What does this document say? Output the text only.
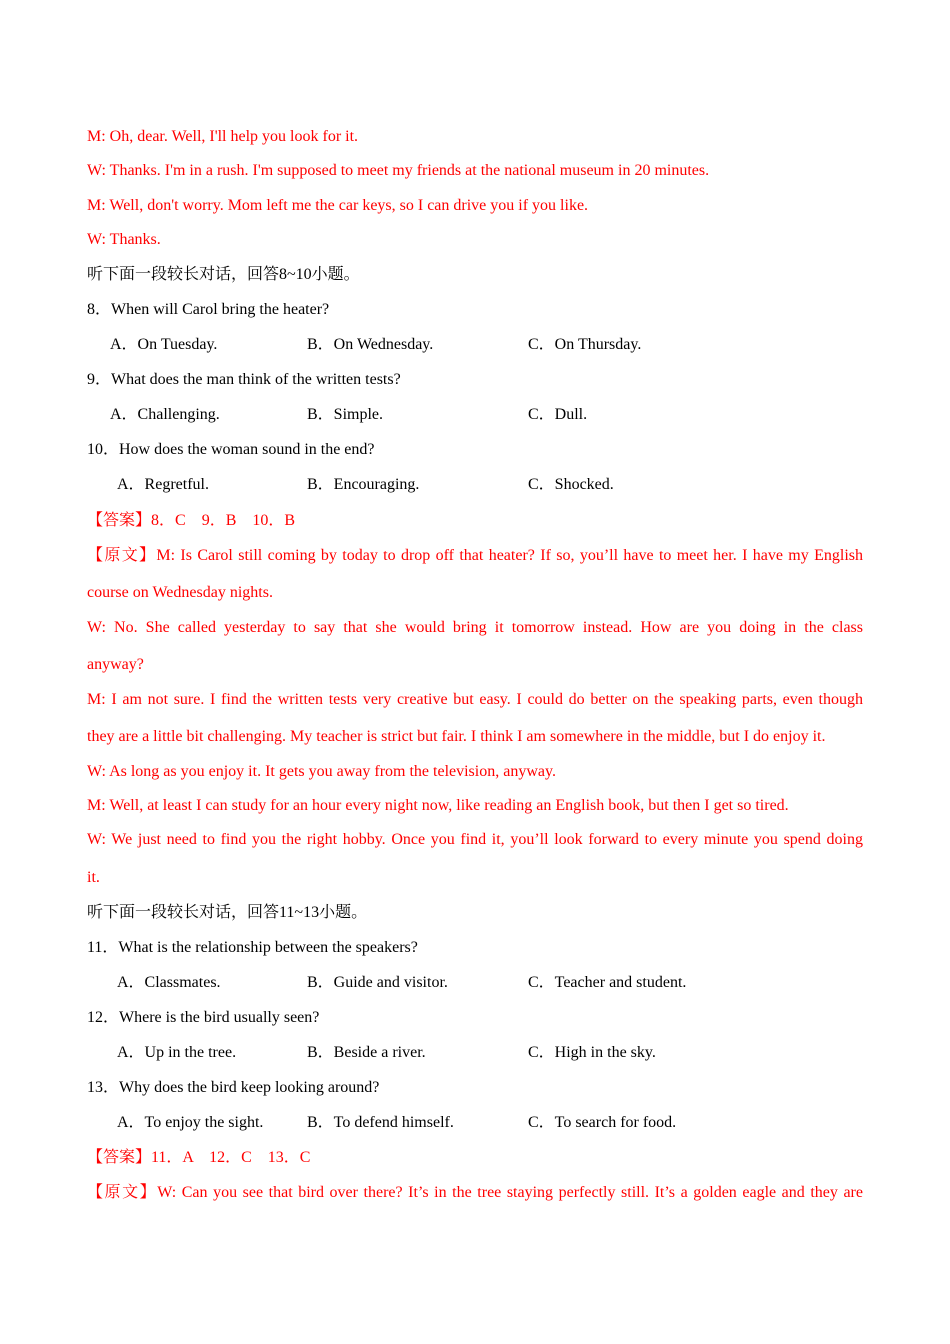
M: Oh, dear. Well, I'll help you look for it.
W: Thanks. I'm in a rush. I'm supposed to meet my friends at the national museum in 20 minutes.
M: Well, don't worry. Mom left me the car keys, so I can drive you if you like.
W: Thanks.
听下面一段较长对话，回答8~10小题。
8．When will Carol bring the heater?
A．On Tuesday.	B．On Wednesday.	C．On Thursday.
9．What does the man think of the written tests?
A．Challenging.	B．Simple.	C．Dull.
10．How does the woman sound in the end?
A．Regretful.	B．Encouraging.	C．Shocked.
【答案】8．C　9．B　10．B
【原文】M: Is Carol still coming by today to drop off that heater? If so, you’ll have to meet her. I have my English
course on Wednesday nights.
W: No. She called yesterday to say that she would bring it tomorrow instead. How are you doing in the class
anyway?
M: I am not sure. I find the written tests very creative but easy. I could do better on the speaking parts, even though
they are a little bit challenging. My teacher is strict but fair. I think I am somewhere in the middle, but I do enjoy it.
W: As long as you enjoy it. It gets you away from the television, anyway.
M: Well, at least I can study for an hour every night now, like reading an English book, but then I get so tired.
W: We just need to find you the right hobby. Once you find it, you’ll look forward to every minute you spend doing
it.
听下面一段较长对话，回答11~13小题。
11．What is the relationship between the speakers?
A．Classmates.	B．Guide and visitor.	C．Teacher and student.
12．Where is the bird usually seen?
A．Up in the tree.	B．Beside a river.	C．High in the sky.
13．Why does the bird keep looking around?
A．To enjoy the sight.	B．To defend himself.	C．To search for food.
【答案】11．A　12．C　13．C
【原文】W: Can you see that bird over there? It’s in the tree staying perfectly still. It’s a golden eagle and they are
